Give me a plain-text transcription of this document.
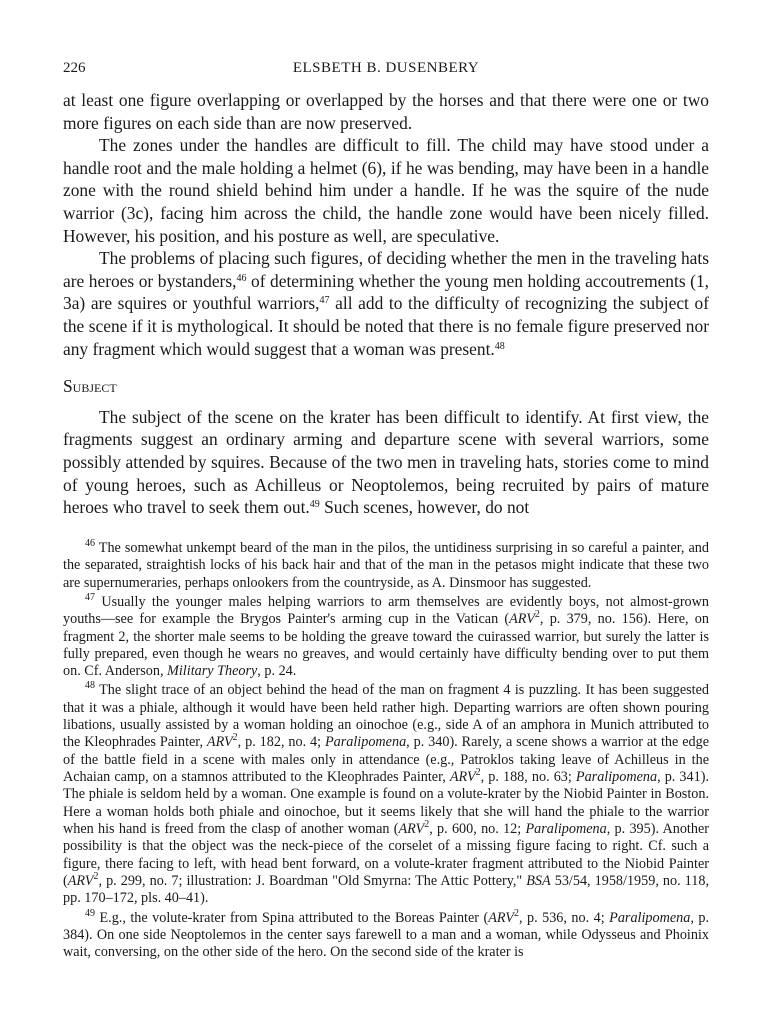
226	ELSBETH B. DUSENBERY

at least one figure overlapping or overlapped by the horses and that there were one or two more figures on each side than are now preserved.

The zones under the handles are difficult to fill. The child may have stood under a handle root and the male holding a helmet (6), if he was bending, may have been in a handle zone with the round shield behind him under a handle. If he was the squire of the nude warrior (3c), facing him across the child, the handle zone would have been nicely filled. However, his position, and his posture as well, are speculative.

The problems of placing such figures, of deciding whether the men in the traveling hats are heroes or bystanders,$^{46}$ of determining whether the young men holding accoutrements (1, 3a) are squires or youthful warriors,$^{47}$ all add to the difficulty of recognizing the subject of the scene if it is mythological. It should be noted that there is no female figure preserved nor any fragment which would suggest that a woman was present.$^{48}$

Subject

The subject of the scene on the krater has been difficult to identify. At first view, the fragments suggest an ordinary arming and departure scene with several warriors, some possibly attended by squires. Because of the two men in traveling hats, stories come to mind of young heroes, such as Achilleus or Neoptolemos, being recruited by pairs of mature heroes who travel to seek them out.$^{49}$ Such scenes, however, do not

$^{46}$ The somewhat unkempt beard of the man in the pilos, the untidiness surprising in so careful a painter, and the separated, straightish locks of his back hair and that of the man in the petasos might indicate that these two are supernumeraries, perhaps onlookers from the countryside, as A. Dinsmoor has suggested.

$^{47}$ Usually the younger males helping warriors to arm themselves are evidently boys, not almost-grown youths—see for example the Brygos Painter's arming cup in the Vatican (ARV$^2$, p. 379, no. 156). Here, on fragment 2, the shorter male seems to be holding the greave toward the cuirassed warrior, but surely the latter is fully prepared, even though he wears no greaves, and would certainly have difficulty bending over to put them on. Cf. Anderson, Military Theory, p. 24.

$^{48}$ The slight trace of an object behind the head of the man on fragment 4 is puzzling. It has been suggested that it was a phiale, although it would have been held rather high. Departing warriors are often shown pouring libations, usually assisted by a woman holding an oinochoe (e.g., side A of an amphora in Munich attributed to the Kleophrades Painter, ARV$^2$, p. 182, no. 4; Paralipomena, p. 340). Rarely, a scene shows a warrior at the edge of the battle field in a scene with males only in attendance (e.g., Patroklos taking leave of Achilleus in the Achaian camp, on a stamnos attributed to the Kleophrades Painter, ARV$^2$, p. 188, no. 63; Paralipomena, p. 341). The phiale is seldom held by a woman. One example is found on a volute-krater by the Niobid Painter in Boston. Here a woman holds both phiale and oinochoe, but it seems likely that she will hand the phiale to the warrior when his hand is freed from the clasp of another woman (ARV$^2$, p. 600, no. 12; Paralipomena, p. 395). Another possibility is that the object was the neck-piece of the corselet of a missing figure facing to right. Cf. such a figure, there facing to left, with head bent forward, on a volute-krater fragment attributed to the Niobid Painter (ARV$^2$, p. 299, no. 7; illustration: J. Boardman "Old Smyrna: The Attic Pottery," BSA 53/54, 1958/1959, no. 118, pp. 170–172, pls. 40–41).

$^{49}$ E.g., the volute-krater from Spina attributed to the Boreas Painter (ARV$^2$, p. 536, no. 4; Paralipomena, p. 384). On one side Neoptolemos in the center says farewell to a man and a woman, while Odysseus and Phoinix wait, conversing, on the other side of the hero. On the second side of the krater is
